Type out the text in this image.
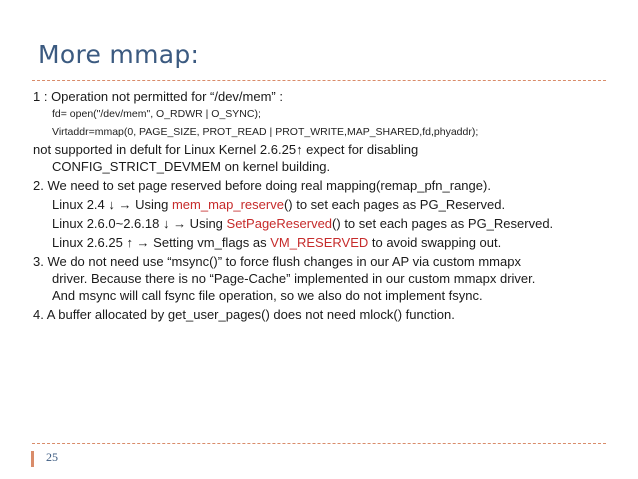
More mmap:
1 : Operation not permitted for “/dev/mem” :
fd= open("/dev/mem", O_RDWR | O_SYNC);
Virtaddr=mmap(0, PAGE_SIZE, PROT_READ | PROT_WRITE,MAP_SHARED,fd,phyaddr);
not supported in defult for Linux Kernel 2.6.25↑ expect for disabling
CONFIG_STRICT_DEVMEM on kernel building.
2. We need to set page reserved before doing real mapping(remap_pfn_range).
Linux 2.4 ↓ → Using mem_map_reserve() to set each pages as PG_Reserved.
Linux 2.6.0~2.6.18 ↓ → Using SetPageReserved() to set each pages as PG_Reserved.
Linux 2.6.25 ↑ → Setting vm_flags as VM_RESERVED to avoid swapping out.
3. We do not need use “msync()” to force flush changes in our AP via custom mmapx
driver. Because there is no “Page-Cache” implemented in our custom mmapx driver.
And msync will call fsync file operation, so we also do not implement fsync.
4. A buffer allocated by get_user_pages() does not need mlock() function.
25
